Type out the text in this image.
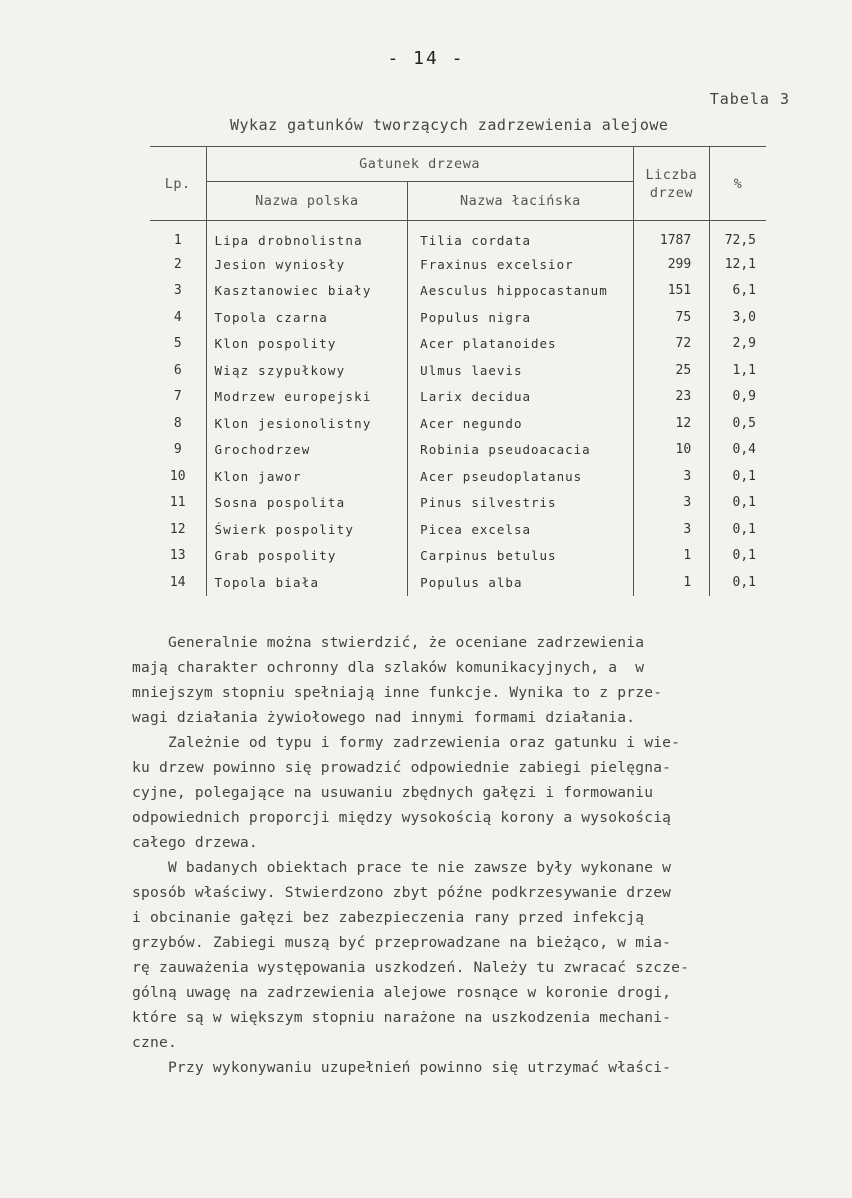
- 14 -
Tabela 3
Wykaz gatunków tworzących zadrzewienia alejowe
Lp.	Gatunek drzewa		Liczba drzew	%
	Nazwa polska	Nazwa łacińska		
1	Lipa drobnolistna	Tilia cordata	1787	72,5
2	Jesion wyniosły	Fraxinus excelsior	299	12,1
3	Kasztanowiec biały	Aesculus hippocastanum	151	6,1
4	Topola czarna	Populus nigra	75	3,0
5	Klon pospolity	Acer platanoides	72	2,9
6	Wiąz szypułkowy	Ulmus laevis	25	1,1
7	Modrzew europejski	Larix decidua	23	0,9
8	Klon jesionolistny	Acer negundo	12	0,5
9	Grochodrzew	Robinia pseudoacacia	10	0,4
10	Klon jawor	Acer pseudoplatanus	3	0,1
11	Sosna pospolita	Pinus silvestris	3	0,1
12	Świerk pospolity	Picea excelsa	3	0,1
13	Grab pospolity	Carpinus betulus	1	0,1
14	Topola biała	Populus alba	1	0,1
Generalnie można stwierdzić, że oceniane zadrzewienia
mają charakter ochronny dla szlaków komunikacyjnych, a  w
mniejszym stopniu spełniają inne funkcje. Wynika to z prze-
wagi działania żywiołowego nad innymi formami działania.
Zależnie od typu i formy zadrzewienia oraz gatunku i wie-
ku drzew powinno się prowadzić odpowiednie zabiegi pielęgna-
cyjne, polegające na usuwaniu zbędnych gałęzi i formowaniu
odpowiednich proporcji między wysokością korony a wysokością
całego drzewa.
W badanych obiektach prace te nie zawsze były wykonane w
sposób właściwy. Stwierdzono zbyt późne podkrzesywanie drzew
i obcinanie gałęzi bez zabezpieczenia rany przed infekcją
grzybów. Zabiegi muszą być przeprowadzane na bieżąco, w mia-
rę zauważenia występowania uszkodzeń. Należy tu zwracać szcze-
gólną uwagę na zadrzewienia alejowe rosnące w koronie drogi,
które są w większym stopniu narażone na uszkodzenia mechani-
czne.
Przy wykonywaniu uzupełnień powinno się utrzymać właści-
